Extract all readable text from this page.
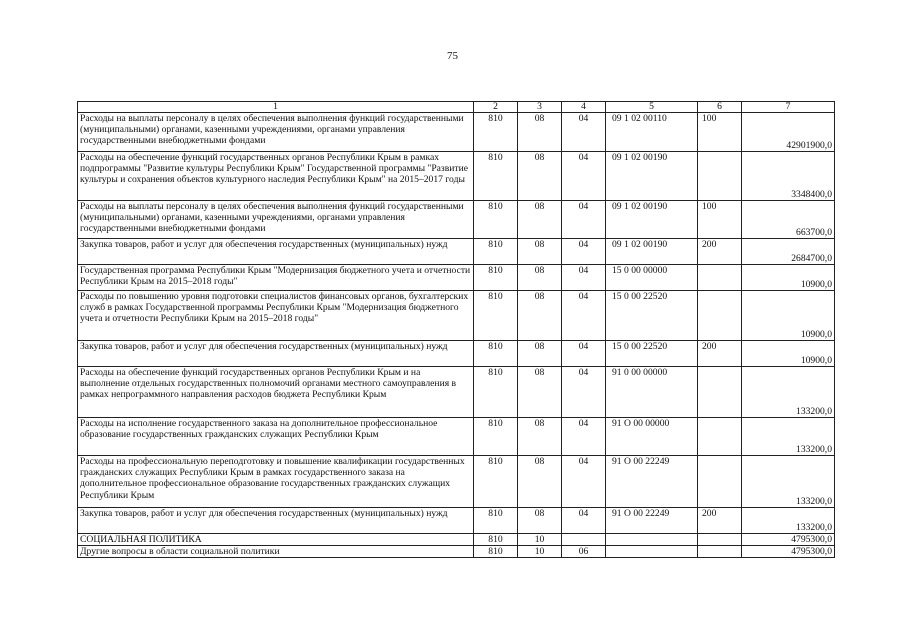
75
1	2	3	4	5	6	7
Расходы на выплаты персоналу в целях обеспечения выполнения функций государственными (муниципальными) органами, казенными учреждениями, органами управления государственными внебюджетными фондами	810	08	04	09 1 02 00110	100	42901900,0
Расходы на обеспечение функций государственных органов Республики Крым в рамках подпрограммы "Развитие культуры Республики Крым" Государственной программы "Развитие культуры и сохранения объектов культурного наследия Республики Крым" на 2015–2017 годы	810	08	04	09 1 02 00190		3348400,0
Расходы на выплаты персоналу в целях обеспечения выполнения функций государственными (муниципальными) органами, казенными учреждениями, органами управления государственными внебюджетными фондами	810	08	04	09 1 02 00190	100	663700,0
Закупка товаров, работ и услуг для обеспечения государственных (муниципальных) нужд	810	08	04	09 1 02 00190	200	2684700,0
Государственная программа Республики Крым "Модернизация бюджетного учета и отчетности Республики Крым на 2015–2018 годы"	810	08	04	15 0 00 00000		10900,0
Расходы по повышению уровня подготовки специалистов финансовых органов, бухгалтерских служб в рамках Государственной программы Республики Крым "Модернизация бюджетного учета и отчетности Республики Крым на 2015–2018 годы"	810	08	04	15 0 00 22520		10900,0
Закупка товаров, работ и услуг для обеспечения государственных (муниципальных) нужд	810	08	04	15 0 00 22520	200	10900,0
Расходы на обеспечение функций государственных органов Республики Крым и на выполнение отдельных государственных полномочий органами местного самоуправления в рамках непрограммного направления расходов бюджета Республики Крым	810	08	04	91 0 00 00000		133200,0
Расходы на исполнение государственного заказа на дополнительное профессиональное образование государственных гражданских служащих Республики Крым	810	08	04	91 О 00 00000		133200,0
Расходы на профессиональную переподготовку и повышение квалификации государственных гражданских служащих Республики Крым в рамках государственного заказа на дополнительное профессиональное образование государственных гражданских служащих Республики Крым	810	08	04	91 О 00 22249		133200,0
Закупка товаров, работ и услуг для обеспечения государственных (муниципальных) нужд	810	08	04	91 О 00 22249	200	133200,0
СОЦИАЛЬНАЯ ПОЛИТИКА	810	10				4795300,0
Другие вопросы в области социальной политики	810	10	06			4795300,0
